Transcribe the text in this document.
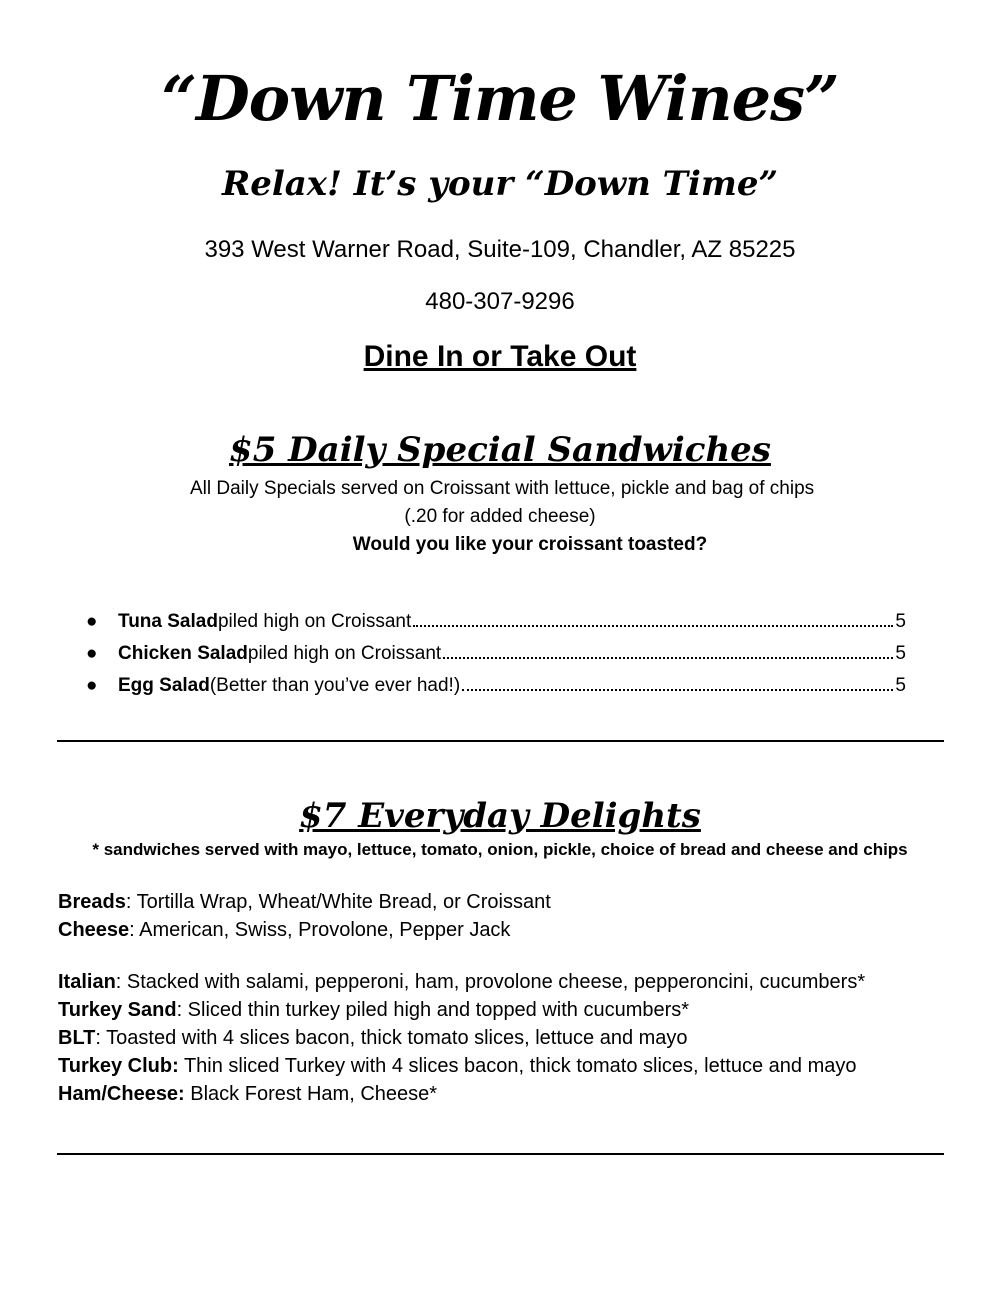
“Down Time Wines”
Relax! It’s your “Down Time”
393 West Warner Road, Suite-109, Chandler, AZ 85225
480-307-9296
Dine In or Take Out
$5 Daily Special Sandwiches
All Daily Specials served on Croissant with lettuce, pickle and bag of chips
(.20 for added cheese)
Would you like your croissant toasted?
● Tuna Salad piled high on Croissant	5
● Chicken Salad piled high on Croissant	5
● Egg Salad (Better than you’ve ever had!)	5
$7 Everyday Delights
* sandwiches served with mayo, lettuce, tomato, onion, pickle, choice of bread and cheese and chips
Breads: Tortilla Wrap, Wheat/White Bread, or Croissant
Cheese: American, Swiss, Provolone, Pepper Jack
Italian: Stacked with salami, pepperoni, ham, provolone cheese, pepperoncini, cucumbers*
Turkey Sand: Sliced thin turkey piled high and topped with cucumbers*
BLT: Toasted with 4 slices bacon, thick tomato slices, lettuce and mayo
Turkey Club: Thin sliced Turkey with 4 slices bacon, thick tomato slices, lettuce and mayo
Ham/Cheese: Black Forest Ham, Cheese*
